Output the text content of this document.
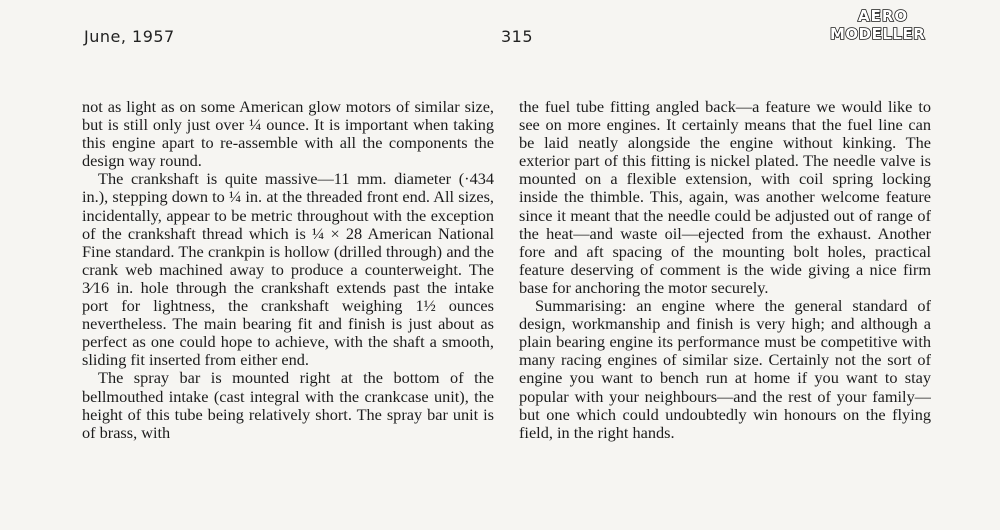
June, 1957	315
AERO
MODELLER

not as light as on some American glow motors of similar size, but is still only just over ¼ ounce. It is important when taking this engine apart to re-assemble with all the components the design way round.

The crankshaft is quite massive—11 mm. diameter (·434 in.), stepping down to ¼ in. at the threaded front end. All sizes, incidentally, appear to be metric throughout with the exception of the crankshaft thread which is ¼ × 28 American National Fine standard. The crankpin is hollow (drilled through) and the crank web machined away to produce a counterweight. The 3⁄16 in. hole through the crankshaft extends past the intake port for lightness, the crankshaft weighing 1½ ounces nevertheless. The main bearing fit and finish is just about as perfect as one could hope to achieve, with the shaft a smooth, sliding fit inserted from either end.

The spray bar is mounted right at the bottom of the bellmouthed intake (cast integral with the crankcase unit), the height of this tube being relatively short. The spray bar unit is of brass, with

the fuel tube fitting angled back—a feature we would like to see on more engines. It certainly means that the fuel line can be laid neatly alongside the engine without kinking. The exterior part of this fitting is nickel plated. The needle valve is mounted on a flexible extension, with coil spring locking inside the thimble. This, again, was another welcome feature since it meant that the needle could be adjusted out of range of the heat—and waste oil—ejected from the exhaust. Another fore and aft spacing of the mounting bolt holes, practical feature deserving of comment is the wide giving a nice firm base for anchoring the motor securely.

Summarising: an engine where the general standard of design, workmanship and finish is very high; and although a plain bearing engine its performance must be competitive with many racing engines of similar size. Certainly not the sort of engine you want to bench run at home if you want to stay popular with your neighbours—and the rest of your family—but one which could undoubtedly win honours on the flying field, in the right hands.
